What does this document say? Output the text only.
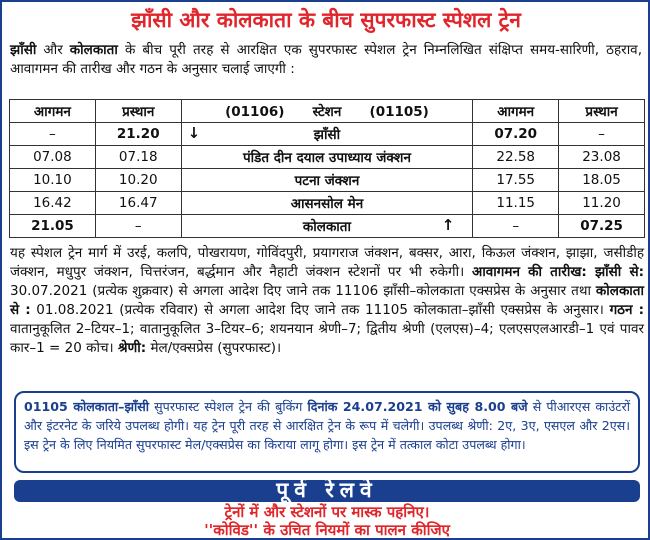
झाँसी और कोलकाता के बीच सुपरफास्ट स्पेशल ट्रेन
झाँसी और कोलकाता के बीच पूरी तरह से आरक्षित एक सुपरफास्ट स्पेशल ट्रेन निम्नलिखित संक्षिप्त समय-सारिणी, ठहराव, आवागमन की तारीख और गठन के अनुसार चलाई जाएगी :
आगमन	प्रस्थान	(01106)      स्टेशन      (01105)	आगमन	प्रस्थान
–	21.20	↓ झाँसी	07.20	–
07.08	07.18	पंडित दीन दयाल उपाध्याय जंक्शन	22.58	23.08
10.10	10.20	पटना जंक्शन	17.55	18.05
16.42	16.47	आसनसोल मेन	11.15	11.20
21.05	–	कोलकाता ↑	–	07.25
यह स्पेशल ट्रेन मार्ग में उरई, कलपि, पोखरायण, गोविंदपुरी, प्रयागराज जंक्शन, बक्सर, आरा, किऊल जंक्शन, झाझा, जसीडीह जंक्शन, मधुपुर जंक्शन, चित्तरंजन, बर्द्धमान और नैहाटी जंक्शन स्टेशनों पर भी रुकेगी। आवागमन की तारीख: झाँसी से: 30.07.2021 (प्रत्येक शुक्रवार) से अगला आदेश दिए जाने तक 11106 झाँसी–कोलकाता एक्सप्रेस के अनुसार तथा कोलकाता से : 01.08.2021 (प्रत्येक रविवार) से अगला आदेश दिए जाने तक 11105 कोलकाता–झाँसी एक्सप्रेस के अनुसार। गठन : वातानुकूलित 2–टियर–1; वातानुकूलित 3–टियर–6; शयनयान श्रेणी–7; द्वितीय श्रेणी (एलएस)–4; एलएसएलआरडी–1 एवं पावर कार–1 = 20 कोच। श्रेणी: मेल/एक्सप्रेस (सुपरफास्ट)।
01105 कोलकाता–झाँसी सुपरफास्ट स्पेशल ट्रेन की बुकिंग दिनांक 24.07.2021 को सुबह 8.00 बजे से पीआरएस काउंटरों और इंटरनेट के जरिये उपलब्ध होगी। यह ट्रेन पूरी तरह से आरक्षित ट्रेन के रूप में चलेगी। उपलब्ध श्रेणी: 2ए, 3ए, एसएल और 2एस। इस ट्रेन के लिए नियमित सुपरफास्ट मेल/एक्सप्रेस का किराया लागू होगा। इस ट्रेन में तत्काल कोटा उपलब्ध होगा।
पूर्व रेलवे
ट्रेनों में और स्टेशनों पर मास्क पहनिए।
''कोविड'' के उचित नियमों का पालन कीजिए
